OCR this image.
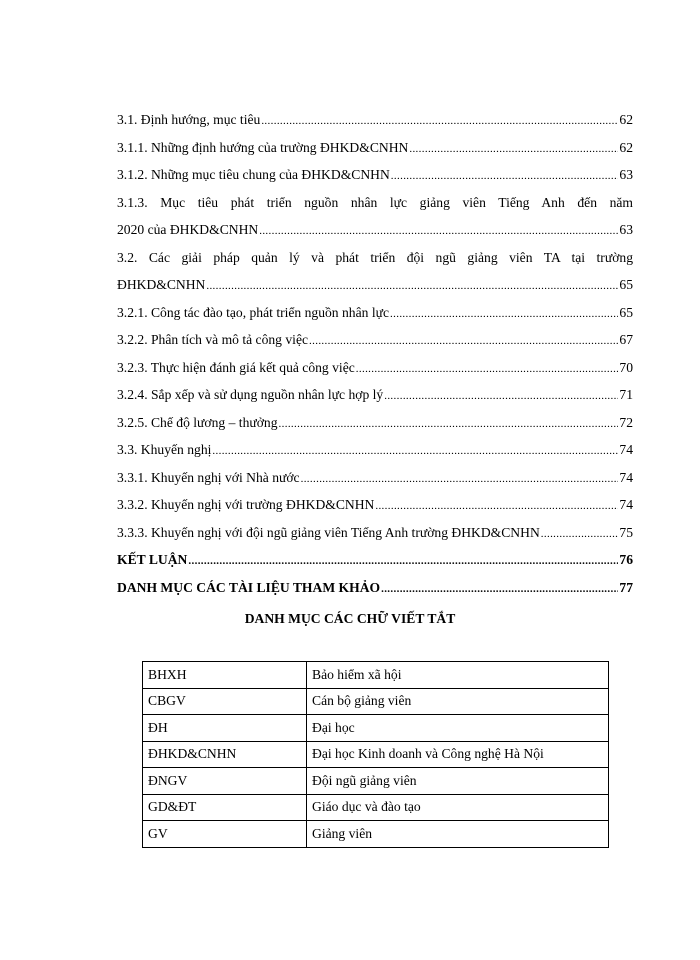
3.1. Định hướng, mục tiêu . . .	62
3.1.1. Những định hướng của trường ĐHKD&CNHN . . .	62
3.1.2. Những mục tiêu chung của ĐHKD&CNHN . . .	63
3.1.3. Mục tiêu phát triển nguồn nhân lực giảng viên Tiếng Anh đến năm
2020 của ĐHKD&CNHN . . .	63
3.2. Các giải pháp quản lý và phát triển đội ngũ giảng viên TA tại trường
ĐHKD&CNHN . . .	65
3.2.1. Công tác đào tạo, phát triển nguồn nhân lực . . .	65
3.2.2. Phân tích và mô tả công việc . . .	67
3.2.3. Thực hiện đánh giá kết quả công việc . . .	70
3.2.4. Sắp xếp và sử dụng nguồn nhân lực hợp lý . . .	71
3.2.5. Chế độ lương – thưởng . . .	72
3.3. Khuyến nghị . . .	74
3.3.1. Khuyến nghị với Nhà nước . . .	74
3.3.2. Khuyến nghị với trường ĐHKD&CNHN . . .	74
3.3.3. Khuyến nghị với đội ngũ giảng viên Tiếng Anh trường ĐHKD&CNHN . . .	75
KẾT LUẬN . . .	76
DANH MỤC CÁC TÀI LIỆU THAM KHẢO . . .	77
DANH MỤC CÁC CHỮ VIẾT TẮT
BHXH	Bảo hiểm xã hội
CBGV	Cán bộ giảng viên
ĐH	Đại học
ĐHKD&CNHN	Đại học Kinh doanh và Công nghệ Hà Nội
ĐNGV	Đội ngũ giảng viên
GD&ĐT	Giáo dục và đào tạo
GV	Giảng viên
